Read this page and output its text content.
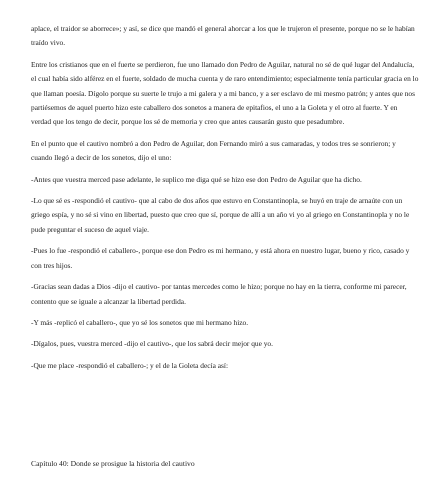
aplace, el traidor se aborrece»; y así, se dice que mandó el general ahorcar a los que le trujeron el presente, porque no se le habían traído vivo.

Entre los cristianos que en el fuerte se perdieron, fue uno llamado don Pedro de Aguilar, natural no sé de qué lugar del Andalucía, el cual había sido alférez en el fuerte, soldado de mucha cuenta y de raro entendimiento; especialmente tenía particular gracia en lo que llaman poesía. Dígolo porque su suerte le trujo a mi galera y a mi banco, y a ser esclavo de mi mesmo patrón; y antes que nos partiésemos de aquel puerto hizo este caballero dos sonetos a manera de epitafios, el uno a la Goleta y el otro al fuerte. Y en verdad que los tengo de decir, porque los sé de memoria y creo que antes causarán gusto que pesadumbre.

En el punto que el cautivo nombró a don Pedro de Aguilar, don Fernando miró a sus camaradas, y todos tres se sonrieron; y cuando llegó a decir de los sonetos, dijo el uno:

-Antes que vuestra merced pase adelante, le suplico me diga qué se hizo ese don Pedro de Aguilar que ha dicho.

-Lo que sé es -respondió el cautivo- que al cabo de dos años que estuvo en Constantinopla, se huyó en traje de arnaúte con un griego espía, y no sé si vino en libertad, puesto que creo que sí, porque de allí a un año vi yo al griego en Constantinopla y no le pude preguntar el suceso de aquel viaje.

-Pues lo fue -respondió el caballero-, porque ese don Pedro es mi hermano, y está ahora en nuestro lugar, bueno y rico, casado y con tres hijos.

-Gracias sean dadas a Dios -dijo el cautivo- por tantas mercedes como le hizo; porque no hay en la tierra, conforme mi parecer, contento que se iguale a alcanzar la libertad perdida.

-Y más -replicó el caballero-, que yo sé los sonetos que mi hermano hizo.

-Dígalos, pues, vuestra merced -dijo el cautivo-, que los sabrá decir mejor que yo.

-Que me place -respondió el caballero-; y el de la Goleta decía así:

Capítulo 40: Donde se prosigue la historia del cautivo
